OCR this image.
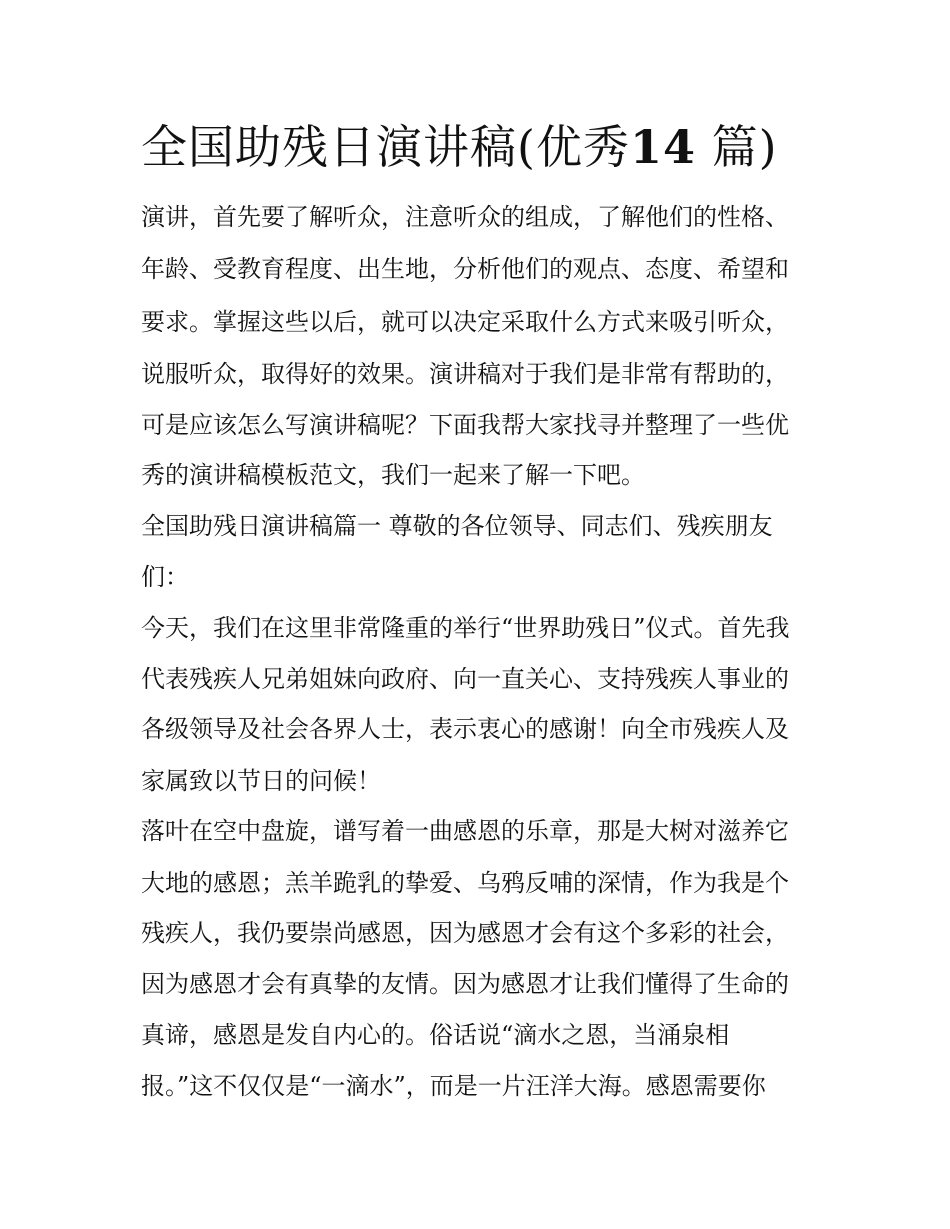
全国助残日演讲稿(优秀14 篇)

演讲，首先要了解听众，注意听众的组成，了解他们的性格、

年龄、受教育程度、出生地，分析他们的观点、态度、希望和

要求。掌握这些以后，就可以决定采取什么方式来吸引听众，

说服听众，取得好的效果。演讲稿对于我们是非常有帮助的，

可是应该怎么写演讲稿呢？下面我帮大家找寻并整理了一些优

秀的演讲稿模板范文，我们一起来了解一下吧。

全国助残日演讲稿篇一 尊敬的各位领导、同志们、残疾朋友

们：

今天，我们在这里非常隆重的举行“世界助残日”仪式。首先我

代表残疾人兄弟姐妹向政府、向一直关心、支持残疾人事业的

各级领导及社会各界人士，表示衷心的感谢！向全市残疾人及

家属致以节日的问候！

落叶在空中盘旋，谱写着一曲感恩的乐章，那是大树对滋养它

大地的感恩；羔羊跪乳的挚爱、乌鸦反哺的深情，作为我是个

残疾人，我仍要崇尚感恩，因为感恩才会有这个多彩的社会，

因为感恩才会有真挚的友情。因为感恩才让我们懂得了生命的

真谛，感恩是发自内心的。俗话说“滴水之恩，当涌泉相

报。”这不仅仅是“一滴水”，而是一片汪洋大海。感恩需要你
